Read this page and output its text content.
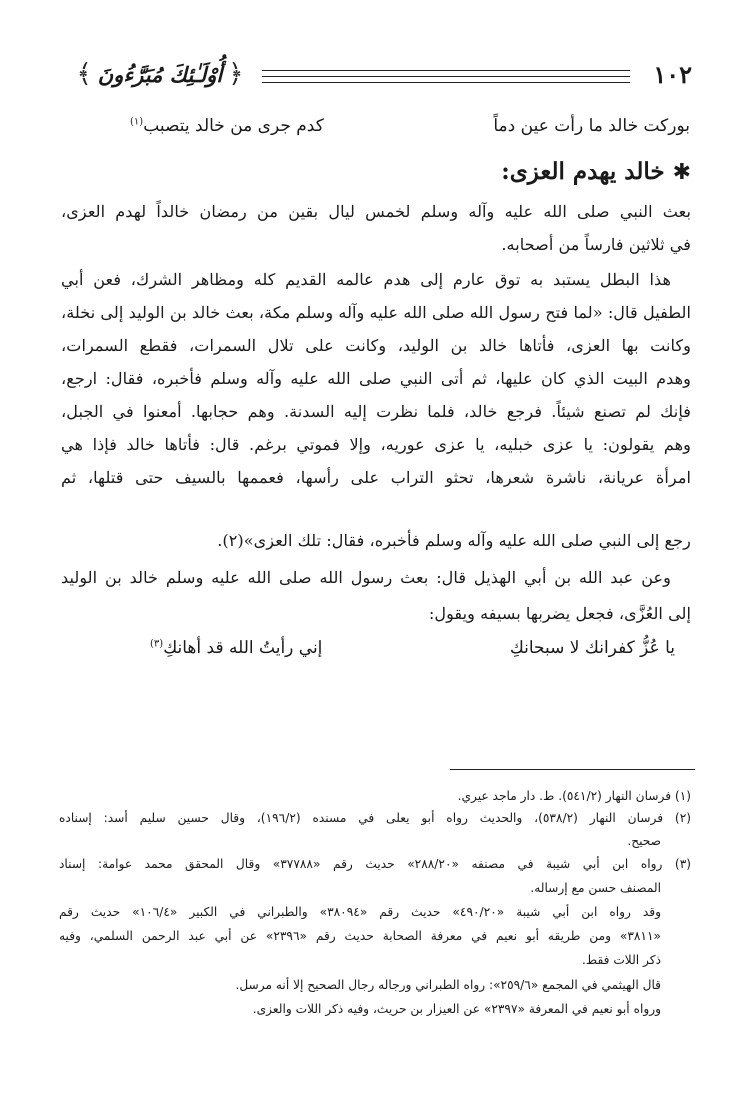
١٠٢
﴿
أُوْلَـٰئِكَ مُبَرَّءُونَ
﴾
بوركت خالد ما رأت عين دماً
كدم جرى من خالد يتصبب$^{(١)}$
✱خالد يهدم العزى:
بعث النبي صلى الله عليه وآله وسلم لخمس ليال بقين من رمضان خالداً لهدم العزى،
في ثلاثين فارساً من أصحابه.
هذا البطل يستبد به توق عارم إلى هدم عالمه القديم كله ومظاهر الشرك، فعن أبي
الطفيل قال: «لما فتح رسول الله صلى الله عليه وآله وسلم مكة، بعث خالد بن الوليد إلى نخلة،
وكانت بها العزى، فأتاها خالد بن الوليد، وكانت على تلال السمرات، فقطع السمرات،
وهدم البيت الذي كان عليها، ثم أتى النبي صلى الله عليه وآله وسلم فأخبره، فقال: ارجع،
فإنك لم تصنع شيئاً. فرجع خالد، فلما نظرت إليه السدنة. وهم حجابها. أمعنوا في الجبل،
وهم يقولون: يا عزى خبليه، يا عزى عوريه، وإلا فموتي برغم. قال: فأتاها خالد فإذا هي
امرأة عريانة، ناشرة شعرها، تحثو التراب على رأسها، فعممها بالسيف حتى قتلها، ثم
رجع إلى النبي صلى الله عليه وآله وسلم فأخبره، فقال: تلك العزى»(٢).
وعن عبد الله بن أبي الهذيل قال: بعث رسول الله صلى الله عليه وسلم خالد بن الوليد
إلى العُزَّى، فجعل يضربها بسيفه ويقول:
يا عُزُّ كفرانك لا سبحانكِ
إني رأيتُ الله قد أهانكِ$^{(٣)}$
(١) فرسان النهار (٥٤١/٢). ط. دار ماجد عيري.
(٢) فرسان النهار (٥٣٨/٢)، والحديث رواه أبو يعلى في مسنده (١٩٦/٢)، وقال حسين سليم أسد: إسناده
صحيح.
(٣) رواه ابن أبي شيبة في مصنفه «٢٨٨/٢٠» حديث رقم «٣٧٧٨٨» وقال المحقق محمد عوامة: إسناد
المصنف حسن مع إرساله.
وقد رواه ابن أبي شيبة «٤٩٠/٢٠» حديث رقم «٣٨٠٩٤» والطبراني في الكبير «١٠٦/٤» حديث رقم
«٣٨١١» ومن طريقه أبو نعيم في معرفة الصحابة حديث رقم «٢٣٩٦» عن أبي عبد الرحمن السلمي، وفيه
ذكر اللات فقط.
قال الهيثمي في المجمع «٢٥٩/٦»: رواه الطبراني ورجاله رجال الصحيح إلا أنه مرسل.
ورواه أبو نعيم في المعرفة «٢٣٩٧» عن العيزار بن حريث، وفيه ذكر اللات والعزى.
